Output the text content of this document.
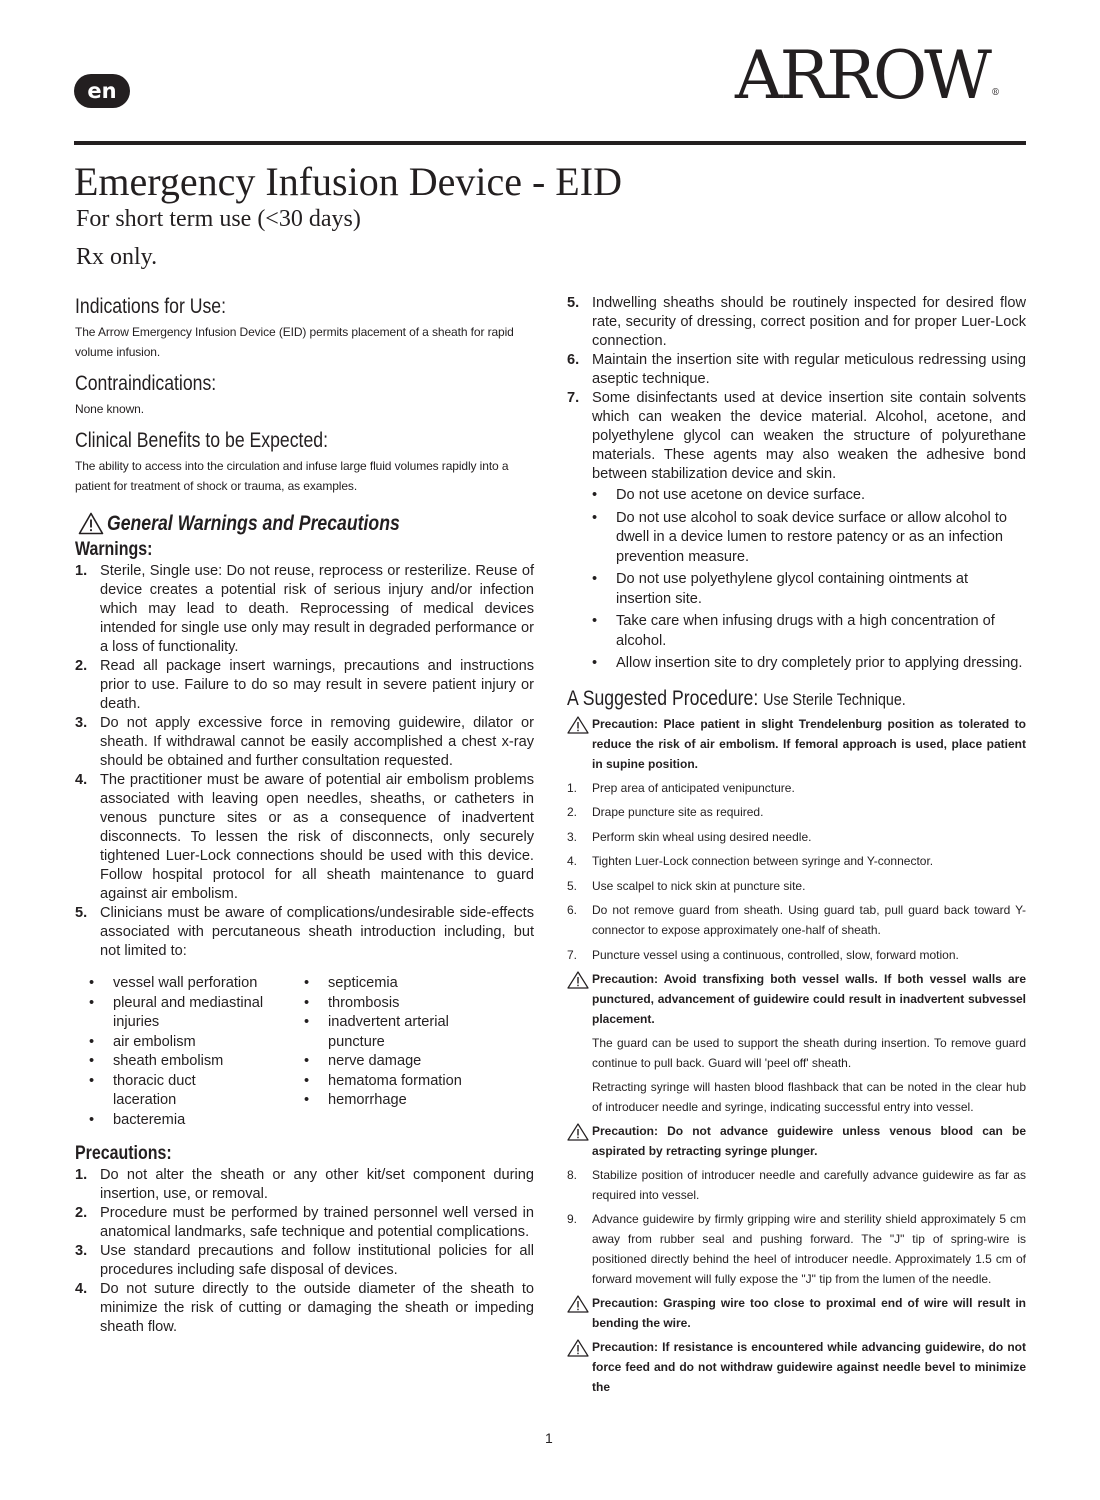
en	ARROW ®
Emergency Infusion Device - EID
For short term use (<30 days)
Rx only.
Indications for Use:

The Arrow Emergency Infusion Device (EID) permits placement of a sheath for rapid volume infusion.

Contraindications:

None known.

Clinical Benefits to be Expected:

The ability to access into the circulation and infuse large fluid volumes rapidly into a patient for treatment of shock or trauma, as examples.

General Warnings and Precautions
Warnings:
1. Sterile, Single use: Do not reuse, reprocess or resterilize. Reuse of device creates a potential risk of serious injury and/or infection which may lead to death. Reprocessing of medical devices intended for single use only may result in degraded performance or a loss of functionality.
2. Read all package insert warnings, precautions and instructions prior to use. Failure to do so may result in severe patient injury or death.
3. Do not apply excessive force in removing guidewire, dilator or sheath. If withdrawal cannot be easily accomplished a chest x-ray should be obtained and further consultation requested.
4. The practitioner must be aware of potential air embolism problems associated with leaving open needles, sheaths, or catheters in venous puncture sites or as a consequence of inadvertent disconnects. To lessen the risk of disconnects, only securely tightened Luer-Lock connections should be used with this device. Follow hospital protocol for all sheath maintenance to guard against air embolism.
5. Clinicians must be aware of complications/undesirable side-effects associated with percutaneous sheath introduction including, but not limited to:
• vessel wall perforation
• pleural and mediastinal injuries
• air embolism
• sheath embolism
• thoracic duct laceration
• bacteremia
• septicemia
• thrombosis
• inadvertent arterial puncture
• nerve damage
• hematoma formation
• hemorrhage
Precautions:
1. Do not alter the sheath or any other kit/set component during insertion, use, or removal.
2. Procedure must be performed by trained personnel well versed in anatomical landmarks, safe technique and potential complications.
3. Use standard precautions and follow institutional policies for all procedures including safe disposal of devices.
4. Do not suture directly to the outside diameter of the sheath to minimize the risk of cutting or damaging the sheath or impeding sheath flow.
5. Indwelling sheaths should be routinely inspected for desired flow rate, security of dressing, correct position and for proper Luer-Lock connection.
6. Maintain the insertion site with regular meticulous redressing using aseptic technique.
7. Some disinfectants used at device insertion site contain solvents which can weaken the device material. Alcohol, acetone, and polyethylene glycol can weaken the structure of polyurethane materials. These agents may also weaken the adhesive bond between stabilization device and skin.
• Do not use acetone on device surface.
• Do not use alcohol to soak device surface or allow alcohol to dwell in a device lumen to restore patency or as an infection prevention measure.
• Do not use polyethylene glycol containing ointments at insertion site.
• Take care when infusing drugs with a high concentration of alcohol.
• Allow insertion site to dry completely prior to applying dressing.
A Suggested Procedure: Use Sterile Technique.
Precaution: Place patient in slight Trendelenburg position as tolerated to reduce the risk of air embolism. If femoral approach is used, place patient in supine position.
1. Prep area of anticipated venipuncture.
2. Drape puncture site as required.
3. Perform skin wheal using desired needle.
4. Tighten Luer-Lock connection between syringe and Y-connector.
5. Use scalpel to nick skin at puncture site.
6. Do not remove guard from sheath. Using guard tab, pull guard back toward Y-connector to expose approximately one-half of sheath.
7. Puncture vessel using a continuous, controlled, slow, forward motion.
Precaution: Avoid transfixing both vessel walls. If both vessel walls are punctured, advancement of guidewire could result in inadvertent subvessel placement.
The guard can be used to support the sheath during insertion. To remove guard continue to pull back. Guard will 'peel off' sheath.
Retracting syringe will hasten blood flashback that can be noted in the clear hub of introducer needle and syringe, indicating successful entry into vessel.
Precaution: Do not advance guidewire unless venous blood can be aspirated by retracting syringe plunger.
8. Stabilize position of introducer needle and carefully advance guidewire as far as required into vessel.
9. Advance guidewire by firmly gripping wire and sterility shield approximately 5 cm away from rubber seal and pushing forward. The "J" tip of spring-wire is positioned directly behind the heel of introducer needle. Approximately 1.5 cm of forward movement will fully expose the "J" tip from the lumen of the needle.
Precaution: Grasping wire too close to proximal end of wire will result in bending the wire.
Precaution: If resistance is encountered while advancing guidewire, do not force feed and do not withdraw guidewire against needle bevel to minimize the
1
